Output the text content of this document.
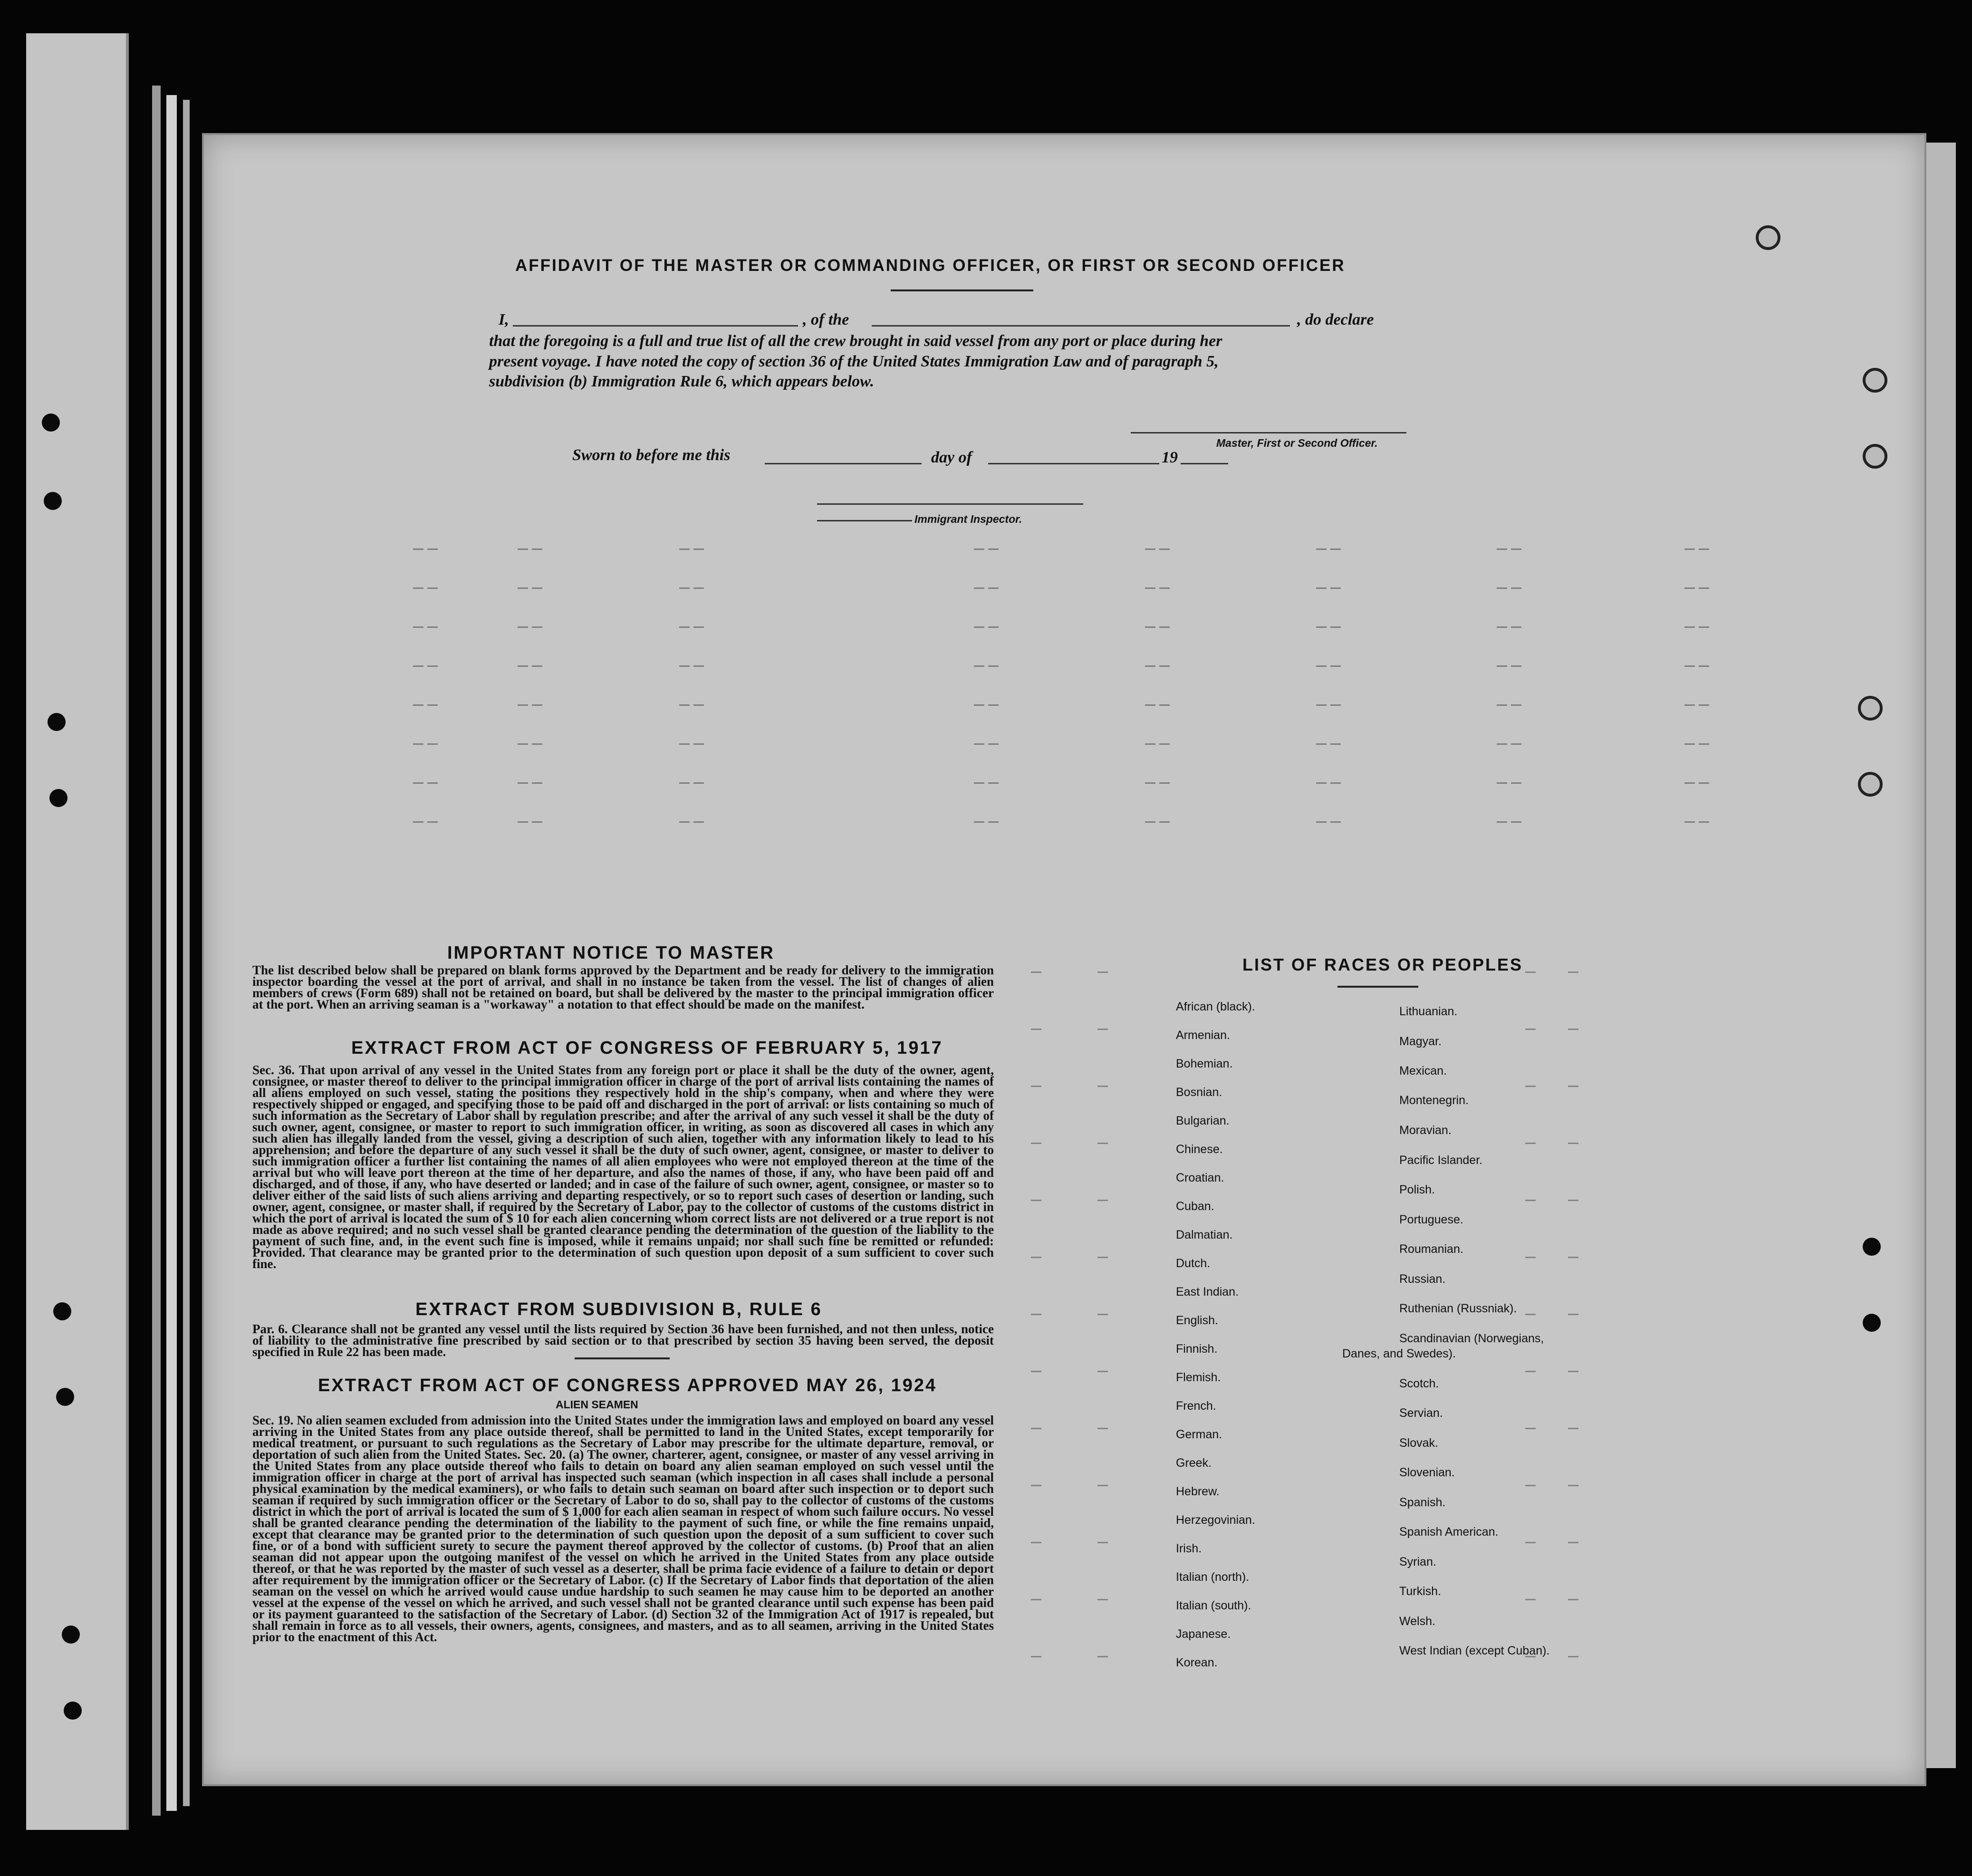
AFFIDAVIT OF THE MASTER OR COMMANDING OFFICER, OR FIRST OR SECOND OFFICER
I,	, of the	, do declare
that the foregoing is a full and true list of all the crew brought in said vessel from any port or place during her
present voyage. I have noted the copy of section 36 of the United States Immigration Law and of paragraph 5,
subdivision (b) Immigration Rule 6, which appears below.
Master, First or Second Officer.
Sworn to before me this	day of	19
Immigrant Inspector.
IMPORTANT NOTICE TO MASTER
The list described below shall be prepared on blank forms approved by the Department and be ready for delivery to the immigration inspector boarding the vessel at the port of arrival, and shall in no instance be taken from the vessel. The list of changes of alien members of crews (Form 689) shall not be retained on board, but shall be delivered by the master to the principal immigration officer at the port. When an arriving seaman is a "workaway" a notation to that effect should be made on the manifest.
EXTRACT FROM ACT OF CONGRESS OF FEBRUARY 5, 1917
Sec. 36. That upon arrival of any vessel in the United States from any foreign port or place it shall be the duty of the owner, agent, consignee, or master thereof to deliver to the principal immigration officer in charge of the port of arrival lists containing the names of all aliens employed on such vessel, stating the positions they respectively hold in the ship's company, when and where they were respectively shipped or engaged, and specifying those to be paid off and discharged in the port of arrival: or lists containing so much of such information as the Secretary of Labor shall by regulation prescribe; and after the arrival of any such vessel it shall be the duty of such owner, agent, consignee, or master to report to such immigration officer, in writing, as soon as discovered all cases in which any such alien has illegally landed from the vessel, giving a description of such alien, together with any information likely to lead to his apprehension; and before the departure of any such vessel it shall be the duty of such owner, agent, consignee, or master to deliver to such immigration officer a further list containing the names of all alien employees who were not employed thereon at the time of the arrival but who will leave port thereon at the time of her departure, and also the names of those, if any, who have been paid off and discharged, and of those, if any, who have deserted or landed; and in case of the failure of such owner, agent, consignee, or master so to deliver either of the said lists of such aliens arriving and departing respectively, or so to report such cases of desertion or landing, such owner, agent, consignee, or master shall, if required by the Secretary of Labor, pay to the collector of customs of the customs district in which the port of arrival is located the sum of $ 10 for each alien concerning whom correct lists are not delivered or a true report is not made as above required; and no such vessel shall be granted clearance pending the determination of the question of the liability to the payment of such fine, and, in the event such fine is imposed, while it remains unpaid; nor shall such fine be remitted or refunded: Provided. That clearance may be granted prior to the determination of such question upon deposit of a sum sufficient to cover such fine.
EXTRACT FROM SUBDIVISION B, RULE 6
Par. 6. Clearance shall not be granted any vessel until the lists required by Section 36 have been furnished, and not then unless, notice of liability to the administrative fine prescribed by said section or to that prescribed by section 35 having been served, the deposit specified in Rule 22 has been made.
EXTRACT FROM ACT OF CONGRESS APPROVED MAY 26, 1924
ALIEN SEAMEN
Sec. 19. No alien seamen excluded from admission into the United States under the immigration laws and employed on board any vessel arriving in the United States from any place outside thereof, shall be permitted to land in the United States, except temporarily for medical treatment, or pursuant to such regulations as the Secretary of Labor may prescribe for the ultimate departure, removal, or deportation of such alien from the United States. Sec. 20. (a) The owner, charterer, agent, consignee, or master of any vessel arriving in the United States from any place outside thereof who fails to detain on board any alien seaman employed on such vessel until the immigration officer in charge at the port of arrival has inspected such seaman (which inspection in all cases shall include a personal physical examination by the medical examiners), or who fails to detain such seaman on board after such inspection or to deport such seaman if required by such immigration officer or the Secretary of Labor to do so, shall pay to the collector of customs of the customs district in which the port of arrival is located the sum of $ 1,000 for each alien seaman in respect of whom such failure occurs. No vessel shall be granted clearance pending the determination of the liability to the payment of such fine, or while the fine remains unpaid, except that clearance may be granted prior to the determination of such question upon the deposit of a sum sufficient to cover such fine, or of a bond with sufficient surety to secure the payment thereof approved by the collector of customs. (b) Proof that an alien seaman did not appear upon the outgoing manifest of the vessel on which he arrived in the United States from any place outside thereof, or that he was reported by the master of such vessel as a deserter, shall be prima facie evidence of a failure to detain or deport after requirement by the immigration officer or the Secretary of Labor. (c) If the Secretary of Labor finds that deportation of the alien seaman on the vessel on which he arrived would cause undue hardship to such seamen he may cause him to be deported an another vessel at the expense of the vessel on which he arrived, and such vessel shall not be granted clearance until such expense has been paid or its payment guaranteed to the satisfaction of the Secretary of Labor. (d) Section 32 of the Immigration Act of 1917 is repealed, but shall remain in force as to all vessels, their owners, agents, consignees, and masters, and as to all seamen, arriving in the United States prior to the enactment of this Act.
LIST OF RACES OR PEOPLES
African (black).
Armenian.
Bohemian.
Bosnian.
Bulgarian.
Chinese.
Croatian.
Cuban.
Dalmatian.
Dutch.
East Indian.
English.
Finnish.
Flemish.
French.
German.
Greek.
Hebrew.
Herzegovinian.
Irish.
Italian (north).
Italian (south).
Japanese.
Korean.
Lithuanian.
Magyar.
Mexican.
Montenegrin.
Moravian.
Pacific Islander.
Polish.
Portuguese.
Roumanian.
Russian.
Ruthenian (Russniak).
Scandinavian (Norwegians,
Danes, and Swedes).
Scotch.
Servian.
Slovak.
Slovenian.
Spanish.
Spanish American.
Syrian.
Turkish.
Welsh.
West Indian (except Cuban).
